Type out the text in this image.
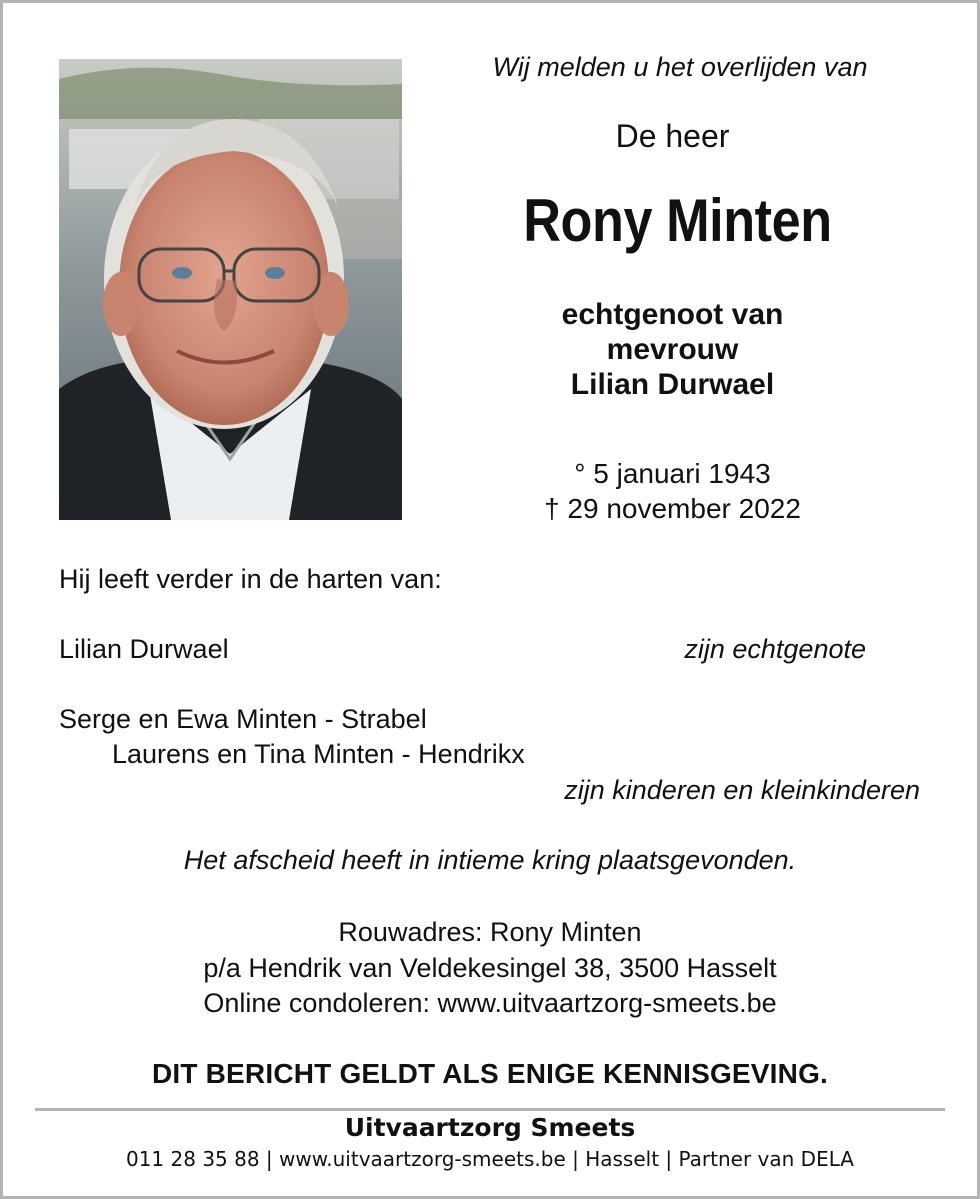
Wij melden u het overlijden van
De heer
Rony Minten
echtgenoot van
mevrouw
Lilian Durwael
° 5 januari 1943
† 29 november 2022
Hij leeft verder in de harten van:
Lilian Durwael	zijn echtgenote
Serge en Ewa Minten - Strabel
Laurens en Tina Minten - Hendrikx
zijn kinderen en kleinkinderen
Het afscheid heeft in intieme kring plaatsgevonden.
Rouwadres: Rony Minten
p/a Hendrik van Veldekesingel 38, 3500 Hasselt
Online condoleren: www.uitvaartzorg-smeets.be
DIT BERICHT GELDT ALS ENIGE KENNISGEVING.
Uitvaartzorg Smeets
011 28 35 88 | www.uitvaartzorg-smeets.be | Hasselt | Partner van DELA
